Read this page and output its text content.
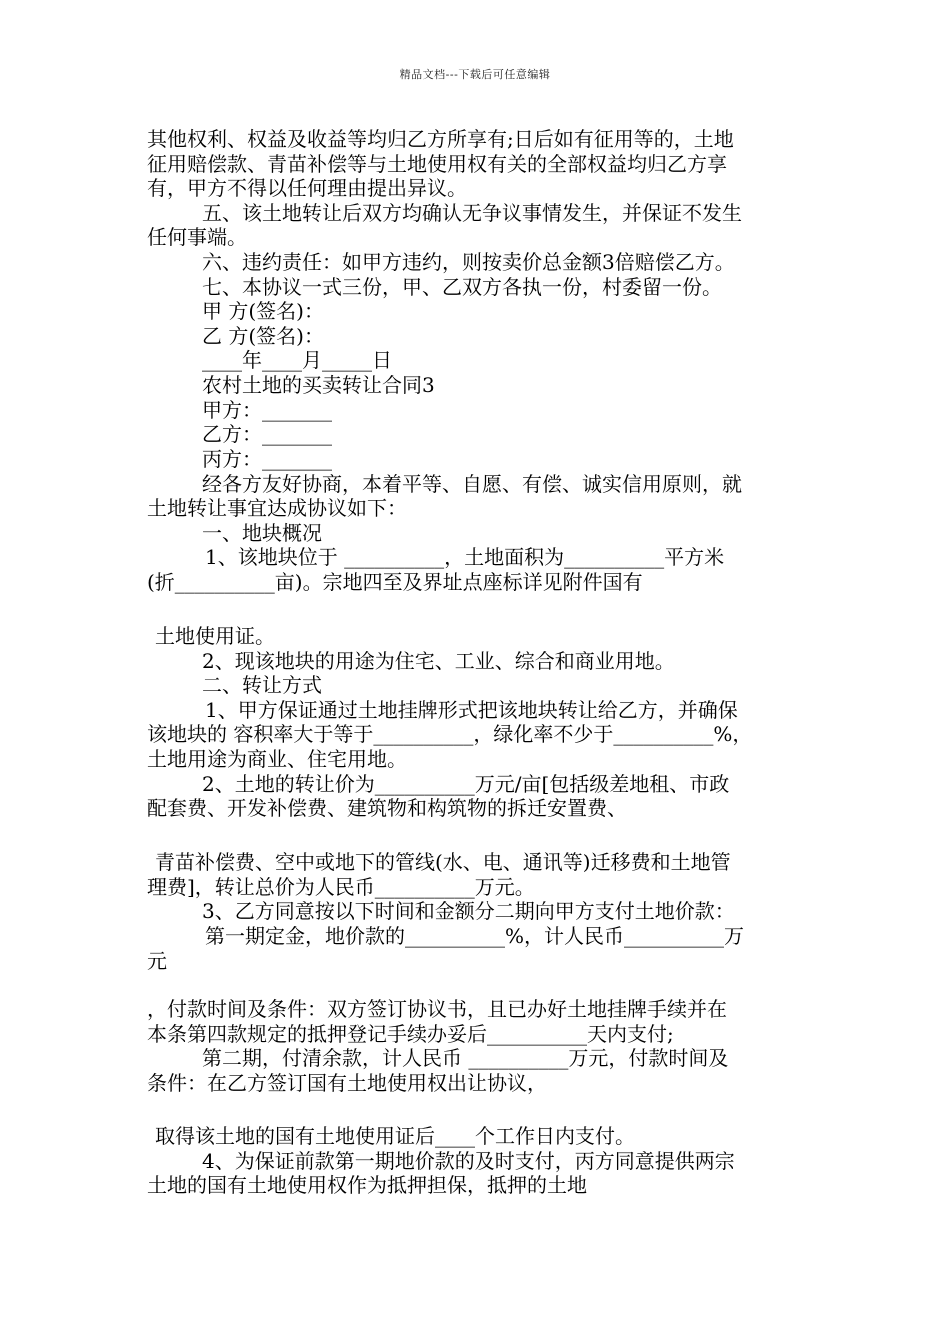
精品文档---下载后可任意编辑
其他权利、权益及收益等均归乙方所享有;日后如有征用等的，土地
征用赔偿款、青苗补偿等与土地使用权有关的全部权益均归乙方享
有，甲方不得以任何理由提出异议。
五、该土地转让后双方均确认无争议事情发生，并保证不发生
任何事端。
六、违约责任：如甲方违约，则按卖价总金额3倍赔偿乙方。
七、本协议一式三份，甲、乙双方各执一份，村委留一份。
甲 方(签名)：
乙 方(签名)：
____年____月_____日
农村土地的买卖转让合同3
甲方：_______
乙方：_______
丙方：_______
经各方友好协商，本着平等、自愿、有偿、诚实信用原则，就
土地转让事宜达成协议如下：
一、地块概况
1、该地块位于 __________，土地面积为__________平方米
(折__________亩)。宗地四至及界址点座标详见附件国有
土地使用证。
2、现该地块的用途为住宅、工业、综合和商业用地。
二、转让方式
1、甲方保证通过土地挂牌形式把该地块转让给乙方，并确保
该地块的 容积率大于等于__________，绿化率不少于__________%，
土地用途为商业、住宅用地。
2、土地的转让价为__________万元/亩[包括级差地租、市政
配套费、开发补偿费、建筑物和构筑物的拆迁安置费、
青苗补偿费、空中或地下的管线(水、电、通讯等)迁移费和土地管
理费]，转让总价为人民币__________万元。
3、乙方同意按以下时间和金额分二期向甲方支付土地价款：
第一期定金，地价款的__________%，计人民币__________万
元
，付款时间及条件：双方签订协议书，且已办好土地挂牌手续并在
本条第四款规定的抵押登记手续办妥后__________天内支付;
第二期，付清余款，计人民币 __________万元，付款时间及
条件：在乙方签订国有土地使用权出让协议，
取得该土地的国有土地使用证后____个工作日内支付。
4、为保证前款第一期地价款的及时支付，丙方同意提供两宗
土地的国有土地使用权作为抵押担保，抵押的土地
